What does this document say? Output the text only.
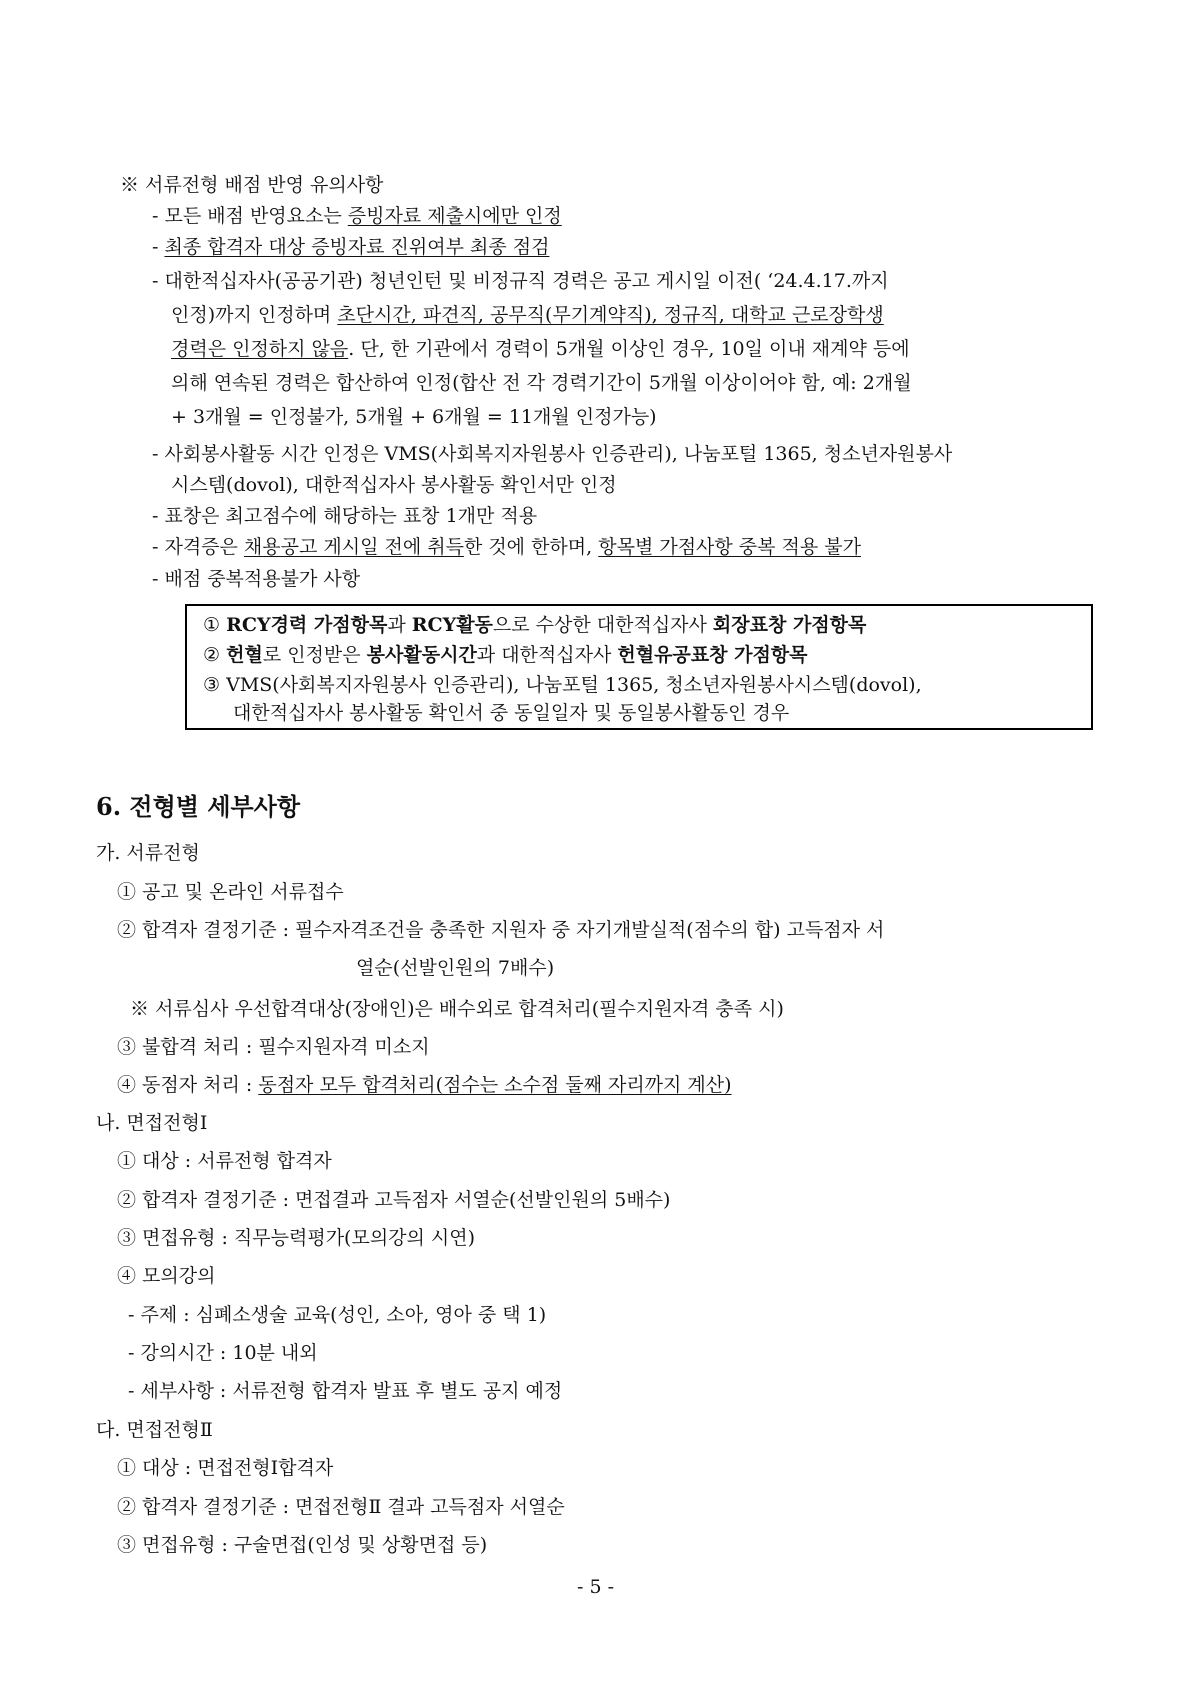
※ 서류전형 배점 반영 유의사항
- 모든 배점 반영요소는 증빙자료 제출시에만 인정
- 최종 합격자 대상 증빙자료 진위여부 최종 점검
- 대한적십자사(공공기관) 청년인턴 및 비정규직 경력은 공고 게시일 이전( ‘24.4.17.까지
인정)까지 인정하며 초단시간, 파견직, 공무직(무기계약직), 정규직, 대학교 근로장학생
경력은 인정하지 않음. 단, 한 기관에서 경력이 5개월 이상인 경우, 10일 이내 재계약 등에
의해 연속된 경력은 합산하여 인정(합산 전 각 경력기간이 5개월 이상이어야 함, 예: 2개월
+ 3개월 = 인정불가, 5개월 + 6개월 = 11개월 인정가능)
- 사회봉사활동 시간 인정은 VMS(사회복지자원봉사 인증관리), 나눔포털 1365, 청소년자원봉사
시스템(dovol), 대한적십자사 봉사활동 확인서만 인정
- 표창은 최고점수에 해당하는 표창 1개만 적용
- 자격증은 채용공고 게시일 전에 취득한 것에 한하며, 항목별 가점사항 중복 적용 불가
- 배점 중복적용불가 사항
① RCY경력 가점항목과 RCY활동으로 수상한 대한적십자사 회장표창 가점항목
② 헌혈로 인정받은 봉사활동시간과 대한적십자사 헌혈유공표창 가점항목
③ VMS(사회복지자원봉사 인증관리), 나눔포털 1365, 청소년자원봉사시스템(dovol),
대한적십자사 봉사활동 확인서 중 동일일자 및 동일봉사활동인 경우
6. 전형별 세부사항
가. 서류전형
① 공고 및 온라인 서류접수
② 합격자 결정기준 : 필수자격조건을 충족한 지원자 중 자기개발실적(점수의 합) 고득점자 서
열순(선발인원의 7배수)
※ 서류심사 우선합격대상(장애인)은 배수외로 합격처리(필수지원자격 충족 시)
③ 불합격 처리 : 필수지원자격 미소지
④ 동점자 처리 : 동점자 모두 합격처리(점수는 소수점 둘째 자리까지 계산)
나. 면접전형Ⅰ
① 대상 : 서류전형 합격자
② 합격자 결정기준 : 면접결과 고득점자 서열순(선발인원의 5배수)
③ 면접유형 : 직무능력평가(모의강의 시연)
④ 모의강의
- 주제 : 심폐소생술 교육(성인, 소아, 영아 중 택 1)
- 강의시간 : 10분 내외
- 세부사항 : 서류전형 합격자 발표 후 별도 공지 예정
다. 면접전형Ⅱ
① 대상 : 면접전형Ⅰ합격자
② 합격자 결정기준 : 면접전형Ⅱ 결과 고득점자 서열순
③ 면접유형 : 구술면접(인성 및 상황면접 등)
- 5 -
